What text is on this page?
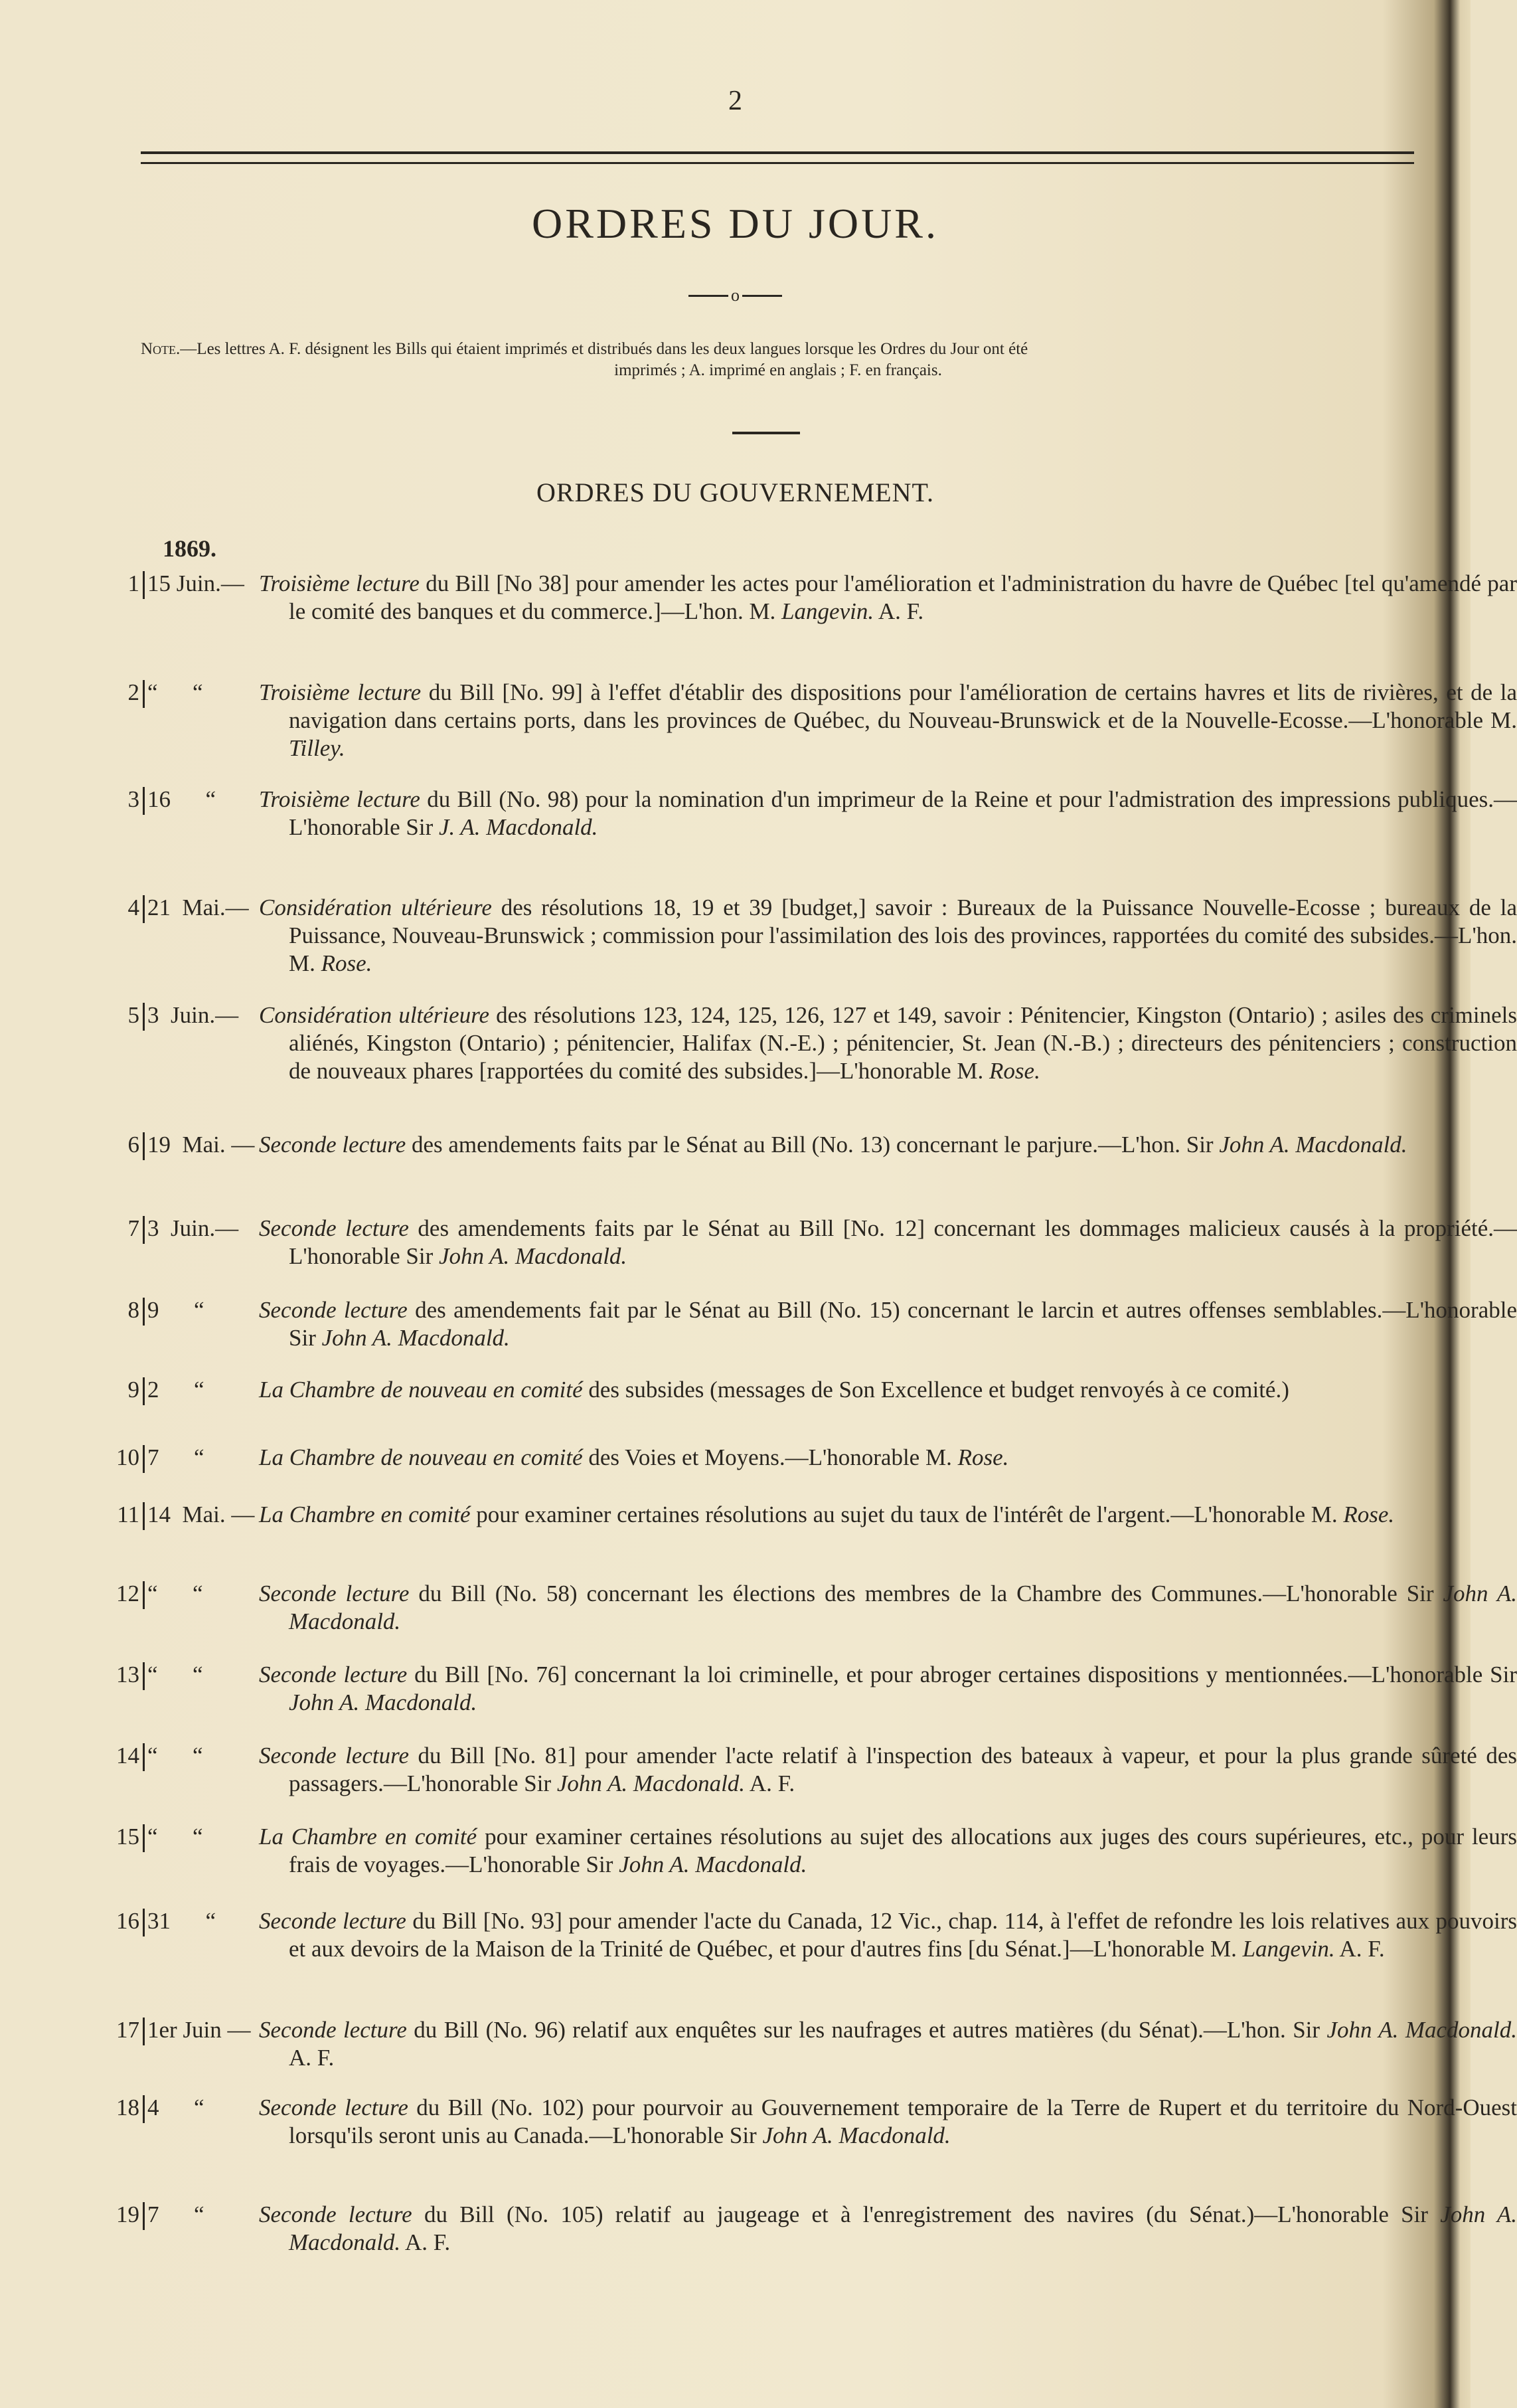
2
ORDRES DU JOUR.
o
Note.—Les lettres A. F. désignent les Bills qui étaient imprimés et distribués dans les deux langues lorsque les Ordres du Jour ont été
imprimés ; A. imprimé en anglais ; F. en français.
ORDRES DU GOUVERNEMENT.
1869.
1 15 Juin.— Troisième lecture du Bill [No 38] pour amender les actes pour l'amélioration et l'administration du havre de Québec [tel qu'amendé par le comité des banques et du commerce.]—L'hon. M. Langevin. A. F.
2 “      “ Troisième lecture du Bill [No. 99] à l'effet d'établir des dispositions pour l'amélioration de certains havres et lits de rivières, et de la navigation dans certains ports, dans les provinces de Québec, du Nouveau-Brunswick et de la Nouvelle-Ecosse.—L'honorable M. Tilley.
3 16      “ Troisième lecture du Bill (No. 98) pour la nomination d'un imprimeur de la Reine et pour l'admistration des impressions publiques.—L'honorable Sir J. A. Macdonald.
4 21  Mai.— Considération ultérieure des résolutions 18, 19 et 39 [budget,] savoir : Bureaux de la Puissance Nouvelle-Ecosse ; bureaux de la Puissance, Nouveau-Brunswick ; commission pour l'assimilation des lois des provinces, rapportées du comité des subsides.—L'hon. M. Rose.
5 3  Juin.— Considération ultérieure des résolutions 123, 124, 125, 126, 127 et 149, savoir : Pénitencier, Kingston (Ontario) ; asiles des criminels aliénés, Kingston (Ontario) ; pénitencier, Halifax (N.-E.) ; pénitencier, St. Jean (N.-B.) ; directeurs des pénitenciers ; construction de nouveaux phares [rapportées du comité des subsides.]—L'honorable M. Rose.
6 19  Mai. — Seconde lecture des amendements faits par le Sénat au Bill (No. 13) concernant le parjure.—L'hon. Sir John A. Macdonald.
7 3  Juin.— Seconde lecture des amendements faits par le Sénat au Bill [No. 12] concernant les dommages malicieux causés à la propriété.—L'honorable Sir John A. Macdonald.
8 9      “ Seconde lecture des amendements fait par le Sénat au Bill (No. 15) concernant le larcin et autres offenses semblables.—L'honorable Sir John A. Macdonald.
9 2      “ La Chambre de nouveau en comité des subsides (messages de Son Excellence et budget renvoyés à ce comité.)
10 7      “ La Chambre de nouveau en comité des Voies et Moyens.—L'honorable M. Rose.
11 14  Mai. — La Chambre en comité pour examiner certaines résolutions au sujet du taux de l'intérêt de l'argent.—L'honorable M. Rose.
12 “      “ Seconde lecture du Bill (No. 58) concernant les élections des membres de la Chambre des Communes.—L'honorable Sir John A. Macdonald.
13 “      “ Seconde lecture du Bill [No. 76] concernant la loi criminelle, et pour abroger certaines dispositions y mentionnées.—L'honorable Sir John A. Macdonald.
14 “      “ Seconde lecture du Bill [No. 81] pour amender l'acte relatif à l'inspection des bateaux à vapeur, et pour la plus grande sûreté des passagers.—L'honorable Sir John A. Macdonald. A. F.
15 “      “ La Chambre en comité pour examiner certaines résolutions au sujet des allocations aux juges des cours supérieures, etc., pour leurs frais de voyages.—L'honorable Sir John A. Macdonald.
16 31      “ Seconde lecture du Bill [No. 93] pour amender l'acte du Canada, 12 Vic., chap. 114, à l'effet de refondre les lois relatives aux pouvoirs et aux devoirs de la Maison de la Trinité de Québec, et pour d'autres fins [du Sénat.]—L'honorable M. Langevin. A. F.
17 1er Juin — Seconde lecture du Bill (No. 96) relatif aux enquêtes sur les naufrages et autres matières (du Sénat).—L'hon. Sir John A. Macdonald. A. F.
18 4      “ Seconde lecture du Bill (No. 102) pour pourvoir au Gouvernement temporaire de la Terre de Rupert et du territoire du Nord-Ouest lorsqu'ils seront unis au Canada.—L'honorable Sir John A. Macdonald.
19 7      “ Seconde lecture du Bill (No. 105) relatif au jaugeage et à l'enregistrement des navires (du Sénat.)—L'honorable Sir John A. Macdonald. A. F.
